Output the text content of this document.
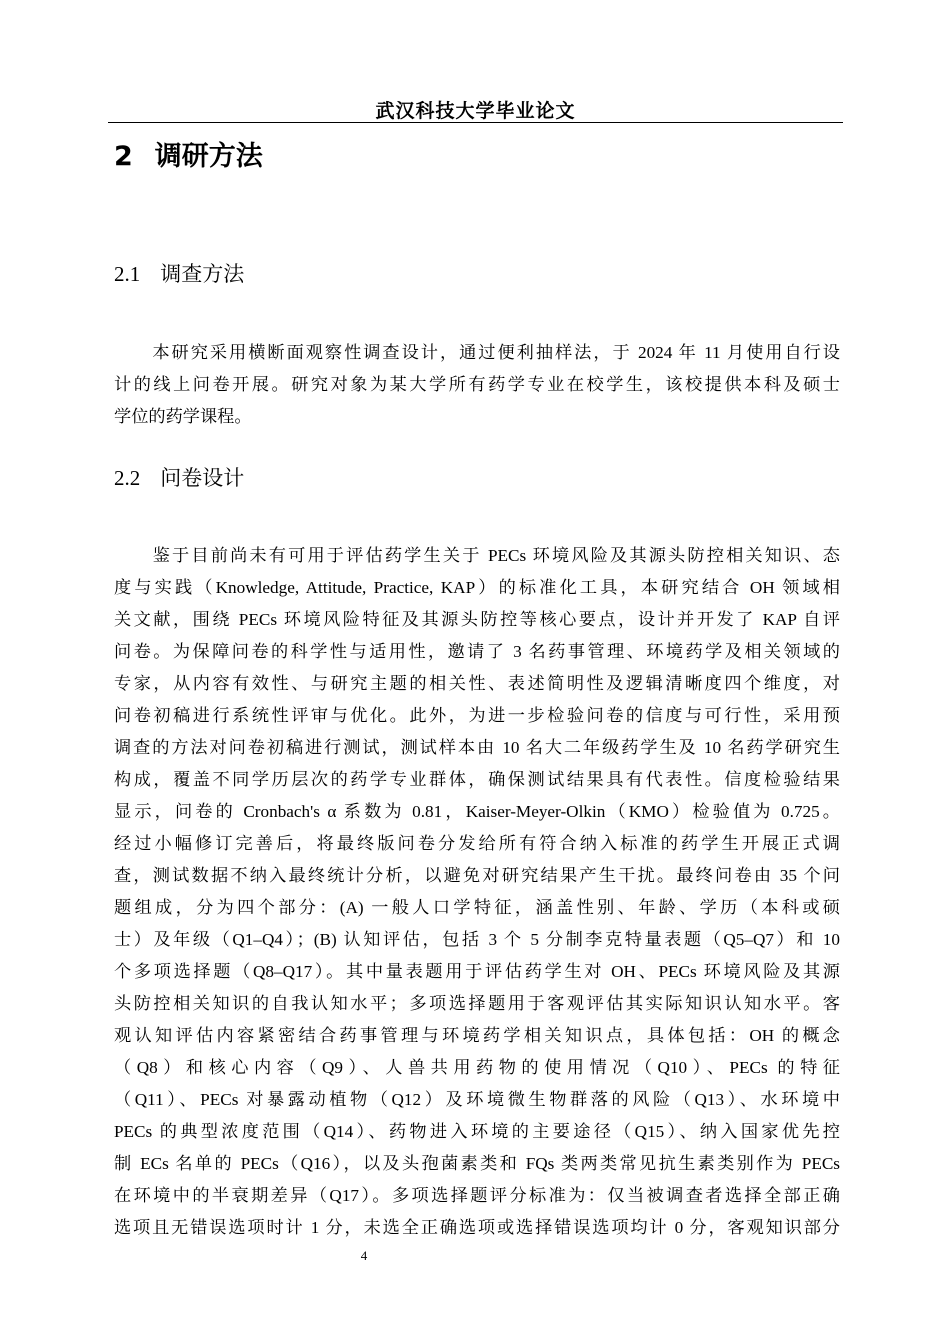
武汉科技大学毕业论文
2 调研方法
2.1 调查方法
　　本研究采用横断面观察性调查设计，通过便利抽样法，于 2024 年 11 月使用自行设
计的线上问卷开展。研究对象为某大学所有药学专业在校学生，该校提供本科及硕士
学位的药学课程。
2.2 问卷设计
　　鉴于目前尚未有可用于评估药学生关于 PECs 环境风险及其源头防控相关知识、态
度与实践（Knowledge, Attitude, Practice, KAP）的标准化工具，本研究结合 OH 领域相
关文献，围绕 PECs 环境风险特征及其源头防控等核心要点，设计并开发了 KAP 自评
问卷。为保障问卷的科学性与适用性，邀请了 3 名药事管理、环境药学及相关领域的
专家，从内容有效性、与研究主题的相关性、表述简明性及逻辑清晰度四个维度，对
问卷初稿进行系统性评审与优化。此外，为进一步检验问卷的信度与可行性，采用预
调查的方法对问卷初稿进行测试，测试样本由 10 名大二年级药学生及 10 名药学研究生
构成，覆盖不同学历层次的药学专业群体，确保测试结果具有代表性。信度检验结果
显示，问卷的 Cronbach's α 系数为 0.81，Kaiser-Meyer-Olkin（KMO）检验值为 0.725。
经过小幅修订完善后，将最终版问卷分发给所有符合纳入标准的药学生开展正式调
查，测试数据不纳入最终统计分析，以避免对研究结果产生干扰。最终问卷由 35 个问
题组成，分为四个部分：(A) 一般人口学特征，涵盖性别、年龄、学历（本科或硕
士）及年级（Q1–Q4）；(B) 认知评估，包括 3 个 5 分制李克特量表题（Q5–Q7）和 10
个多项选择题（Q8–Q17）。其中量表题用于评估药学生对 OH、PECs 环境风险及其源
头防控相关知识的自我认知水平；多项选择题用于客观评估其实际知识认知水平。客
观认知评估内容紧密结合药事管理与环境药学相关知识点，具体包括：OH 的概念
（Q8）和核心内容（Q9）、人兽共用药物的使用情况（Q10）、PECs 的特征
（Q11）、PECs 对暴露动植物（Q12）及环境微生物群落的风险（Q13）、水环境中
PECs 的典型浓度范围（Q14）、药物进入环境的主要途径（Q15）、纳入国家优先控
制 ECs 名单的 PECs（Q16），以及头孢菌素类和 FQs 类两类常见抗生素类别作为 PECs
在环境中的半衰期差异（Q17）。多项选择题评分标准为：仅当被调查者选择全部正确
选项且无错误选项时计 1 分，未选全正确选项或选择错误选项均计 0 分，客观知识部分
4
